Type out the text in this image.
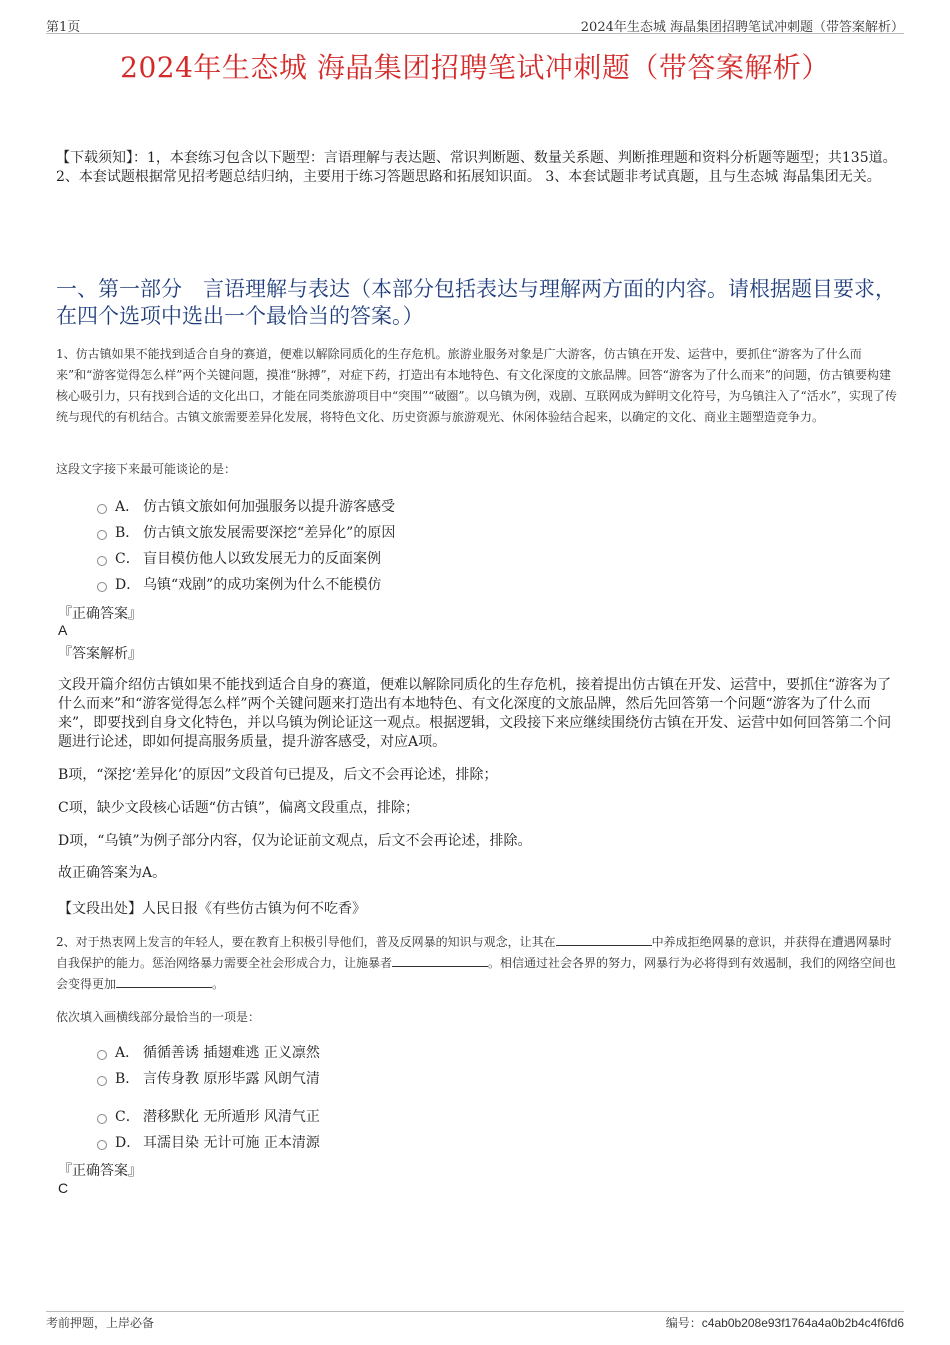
第1页	2024年生态城 海晶集团招聘笔试冲刺题（带答案解析）
2024年生态城 海晶集团招聘笔试冲刺题（带答案解析）
【下载须知】：1，本套练习包含以下题型：言语理解与表达题、常识判断题、数量关系题、判断推理题和资料分析题等题型；共135道。 2、本套试题根据常见招考题总结归纳，主要用于练习答题思路和拓展知识面。 3、本套试题非考试真题，且与生态城 海晶集团无关。
一、第一部分　言语理解与表达（本部分包括表达与理解两方面的内容。请根据题目要求，在四个选项中选出一个最恰当的答案。）
1、仿古镇如果不能找到适合自身的赛道，便难以解除同质化的生存危机。旅游业服务对象是广大游客，仿古镇在开发、运营中，要抓住“游客为了什么而来”和“游客觉得怎么样”两个关键问题，摸准“脉搏”，对症下药，打造出有本地特色、有文化深度的文旅品牌。回答“游客为了什么而来”的问题，仿古镇要构建核心吸引力，只有找到合适的文化出口，才能在同类旅游项目中“突围”“破圈”。以乌镇为例，戏剧、互联网成为鲜明文化符号，为乌镇注入了“活水”，实现了传统与现代的有机结合。古镇文旅需要差异化发展，将特色文化、历史资源与旅游观光、休闲体验结合起来，以确定的文化、商业主题塑造竞争力。
这段文字接下来最可能谈论的是：
A． 仿古镇文旅如何加强服务以提升游客感受
B． 仿古镇文旅发展需要深挖“差异化”的原因
C． 盲目模仿他人以致发展无力的反面案例
D． 乌镇“戏剧”的成功案例为什么不能模仿
『正确答案』
A
『答案解析』
文段开篇介绍仿古镇如果不能找到适合自身的赛道，便难以解除同质化的生存危机，接着提出仿古镇在开发、运营中，要抓住“游客为了什么而来”和“游客觉得怎么样”两个关键问题来打造出有本地特色、有文化深度的文旅品牌，然后先回答第一个问题“游客为了什么而来”，即要找到自身文化特色，并以乌镇为例论证这一观点。根据逻辑，文段接下来应继续围绕仿古镇在开发、运营中如何回答第二个问题进行论述，即如何提高服务质量，提升游客感受，对应A项。
B项，“深挖‘差异化’的原因”文段首句已提及，后文不会再论述，排除；
C项，缺少文段核心话题“仿古镇”，偏离文段重点，排除；
D项，“乌镇”为例子部分内容，仅为论证前文观点，后文不会再论述，排除。
故正确答案为A。
【文段出处】人民日报《有些仿古镇为何不吃香》
2、对于热衷网上发言的年轻人，要在教育上积极引导他们，普及反网暴的知识与观念，让其在	中养成拒绝网暴的意识，并获得在遭遇网暴时自我保护的能力。惩治网络暴力需要全社会形成合力，让施暴者	。相信通过社会各界的努力，网暴行为必将得到有效遏制，我们的网络空间也会变得更加	。
依次填入画横线部分最恰当的一项是：
A． 循循善诱 插翅难逃 正义凛然
B． 言传身教 原形毕露 风朗气清
C． 潜移默化 无所遁形 风清气正
D． 耳濡目染 无计可施 正本清源
『正确答案』
C
考前押题，上岸必备	编号：c4ab0b208e93f1764a4a0b2b4c4f6fd6
